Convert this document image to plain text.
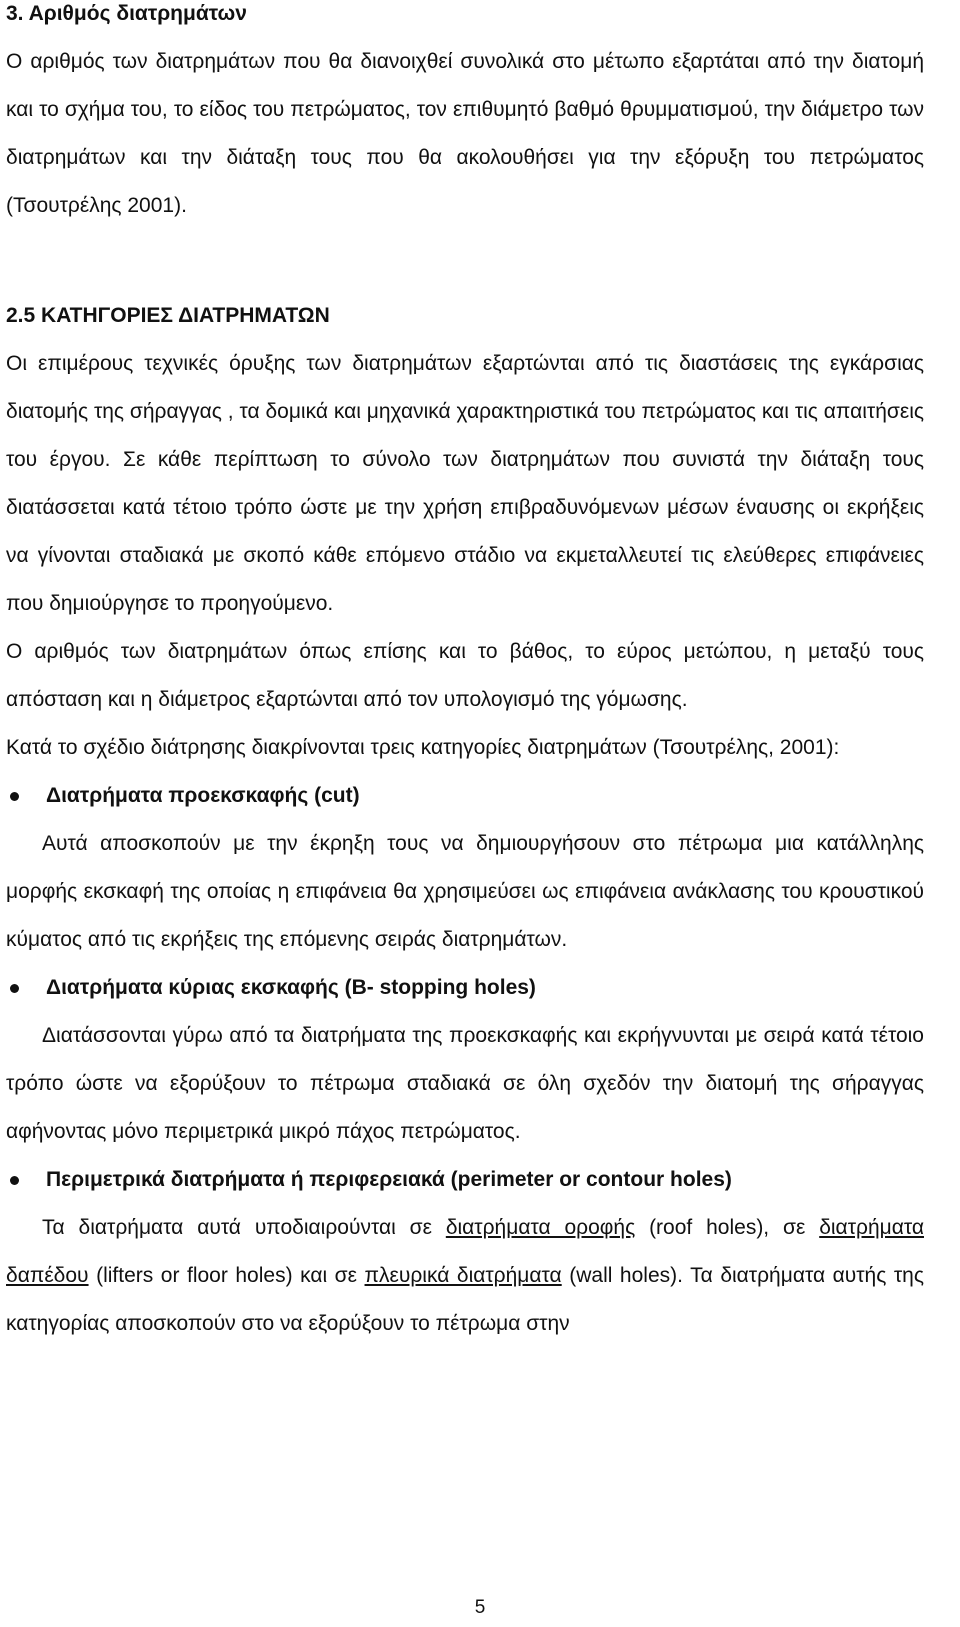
3. Αριθμός διατρημάτων

Ο αριθμός των διατρημάτων που θα διανοιχθεί συνολικά στο μέτωπο εξαρτάται από την διατομή και το σχήμα του, το είδος του πετρώματος, τον επιθυμητό βαθμό θρυμματισμού, την διάμετρο των διατρημάτων και την διάταξη τους που θα ακολουθήσει για την εξόρυξη του πετρώματος (Τσουτρέλης 2001).

2.5 ΚΑΤΗΓΟΡΙΕΣ ΔΙΑΤΡΗΜΑΤΩΝ

Οι επιμέρους τεχνικές όρυξης των διατρημάτων εξαρτώνται από τις διαστάσεις της εγκάρσιας διατομής της σήραγγας , τα δομικά και μηχανικά χαρακτηριστικά του πετρώματος και τις απαιτήσεις του έργου. Σε κάθε περίπτωση το σύνολο των διατρημάτων που συνιστά την διάταξη τους διατάσσεται κατά τέτοιο τρόπο ώστε με την χρήση επιβραδυνόμενων μέσων έναυσης οι εκρήξεις να γίνονται σταδιακά με σκοπό κάθε επόμενο στάδιο να εκμεταλλευτεί τις ελεύθερες επιφάνειες που δημιούργησε το προηγούμενο.

Ο αριθμός των διατρημάτων όπως επίσης και το βάθος, το εύρος μετώπου, η μεταξύ τους απόσταση και η διάμετρος εξαρτώνται από τον υπολογισμό της γόμωσης.

Κατά το σχέδιο διάτρησης διακρίνονται τρεις κατηγορίες διατρημάτων (Τσουτρέλης, 2001):

Διατρήματα προεκσκαφής (cut)

Αυτά αποσκοπούν με την έκρηξη τους να δημιουργήσουν στο πέτρωμα μια κατάλληλης μορφής εκσκαφή της οποίας η επιφάνεια θα χρησιμεύσει ως επιφάνεια ανάκλασης του κρουστικού κύματος από τις εκρήξεις της επόμενης σειράς διατρημάτων.

Διατρήματα κύριας εκσκαφής (B- stopping holes)

Διατάσσονται γύρω από τα διατρήματα της προεκσκαφής και εκρήγνυνται με σειρά κατά τέτοιο τρόπο ώστε να εξορύξουν το πέτρωμα σταδιακά σε όλη σχεδόν την διατομή της σήραγγας αφήνοντας μόνο περιμετρικά μικρό πάχος πετρώματος.

Περιμετρικά διατρήματα ή περιφερειακά (perimeter or contour holes)

Τα διατρήματα αυτά υποδιαιρούνται σε διατρήματα οροφής (roof holes), σε διατρήματα δαπέδου (lifters or floor holes) και σε πλευρικά διατρήματα (wall holes). Τα διατρήματα αυτής της κατηγορίας αποσκοπούν στο να εξορύξουν το πέτρωμα στην

5
